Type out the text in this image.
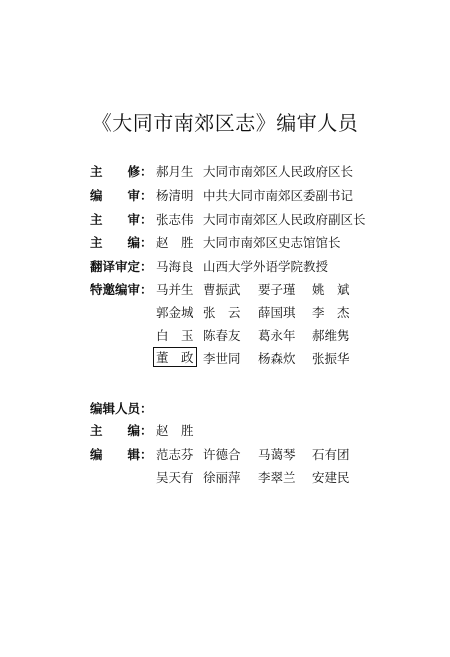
《大同市南郊区志》编审人员
主　　修： 郝月生 大同市南郊区人民政府区长
编　　审： 杨清明 中共大同市南郊区委副书记
主　　审： 张志伟 大同市南郊区人民政府副区长
主　　编： 赵　胜 大同市南郊区史志馆馆长
翻译审定： 马海良 山西大学外语学院教授
特邀编审： 马并生 曹振武 要子瑾 姚　斌
郭金城 张　云 薛国琪 李　杰
白　玉 陈春友 葛永年 郝维隽
董　政 李世同 杨森炊 张振华
编辑人员：
主　　编： 赵　胜
编　　辑： 范志芬 许德合 马蔼琴 石有团
吴天有 徐丽萍 李翠兰 安建民
